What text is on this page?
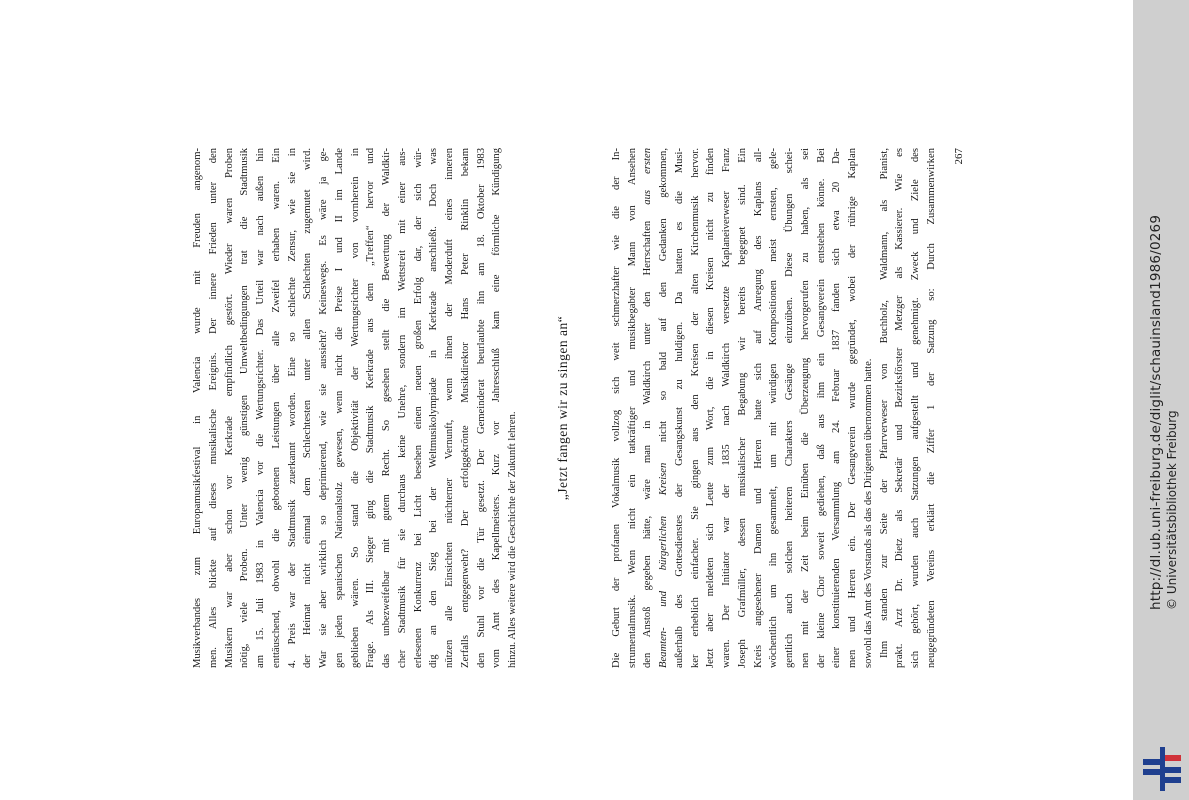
Musikverbandes zum Europamusikfestival in Valencia wurde mit Freuden angenom- men. Alles blickte auf dieses musikalische Ereignis. Der innere Frieden unter den Musikern war aber schon vor Kerkrade empfindlich gestört. Wieder waren Proben nötig, viele Proben. Unter wenig günstigen Umweltbedingungen trat die Stadtmusik am 15. Juli 1983 in Valencia vor die Wertungsrichter. Das Urteil war nach außen hin enttäuschend, obwohl die gebotenen Leistungen über alle Zweifel erhaben waren. Ein 4. Preis war der Stadtmusik zuerkannt worden. Eine so schlechte Zensur, wie sie in der Heimat nicht einmal dem Schlechtesten unter allen Schlechten zugemutet wird. War sie aber wirklich so deprimierend, wie sie aussieht? Keineswegs. Es wäre ja ge- gen jeden spanischen Nationalstolz gewesen, wenn nicht die Preise I und II im Lande geblieben wären. So stand die Objektivität der Wertungsrichter von vornherein in Frage. Als III. Sieger ging die Stadtmusik Kerkrade aus dem „Treffen“ hervor und das unbezweifelbar mit gutem Recht. So gesehen stellt die Bewertung der Waldkir- cher Stadtmusik für sie durchaus keine Unehre, sondern im Wettstreit mit einer aus- erlesenen Konkurrenz bei Licht besehen einen neuen großen Erfolg dar, der sich wür- dig an den Sieg bei der Weltmusikolympiade in Kerkrade anschließt. Doch was nützen alle Einsichten nüchterner Vernunft, wenn ihnen der Moderduft eines inneren Zerfalls entgegenweht? Der erfolggekrönte Musikdirektor Hans Peter Rinklin bekam den Stuhl vor die Tür gesetzt. Der Gemeinderat beurlaubte ihn am 18. Oktober 1983 vom Amt des Kapellmeisters. Kurz vor Jahresschluß kam eine förmliche Kündigung hinzu. Alles weitere wird die Geschichte der Zukunft lehren.
„Jetzt fangen wir zu singen an“	Die Geburt der profanen Vokalmusik vollzog sich weit schmerzhafter wie die der In- strumentalmusik. Wenn nicht ein tatkräftiger und musikbegabter Mann von Ansehen den Anstoß gegeben hätte, wäre man in Waldkirch unter den Herrschaften aus ersten
Beamten- und bürgerlichen Kreisen nicht so bald auf den Gedanken gekommen, außerhalb des Gottesdienstes der Gesangskunst zu huldigen. Da hatten es die Musi- ker erheblich einfacher. Sie gingen aus den Kreisen der alten Kirchenmusik hervor. Jetzt aber meldeten sich Leute zum Wort, die in diesen Kreisen nicht zu finden waren. Der Initiator war der 1835 nach Waldkirch versetzte Kaplaneiverweser Franz Joseph Grafmüller, dessen musikalischer Begabung wir bereits begegnet sind. Ein Kreis angesehener Damen und Herren hatte sich auf Anregung des Kaplans all- wöchentlich um ihn gesammelt, um mit würdigen Kompositionen meist ernsten, gele- gentlich auch solchen heiteren Charakters Gesänge einzuüben. Diese Übungen schei- nen mit der Zeit beim Einüben die Überzeugung hervorgerufen zu haben, als sei der kleine Chor soweit gediehen, daß aus ihm ein Gesangverein entstehen könne. Bei einer konstituierenden Versammlung am 24. Februar 1837 fanden sich etwa 20 Da- men und Herren ein. Der Gesangverein wurde gegründet, wobei der rührige Kaplan sowohl das Amt des Vorstands als das des Dirigenten übernommen hatte. Ihm standen zur Seite der Pfarrverweser von Buchholz, Waldmann, als Pianist, prakt. Arzt Dr. Dietz als Sekretär und Bezirksförster Metzger als Kassierer. Wie es sich gehört, wurden auch Satzungen aufgestellt und genehmigt. Zweck und Ziele des neugegründeten Vereins erklärt die Ziffer 1 der Satzung so: Durch Zusammenwirken	267
http://dl.ub.uni-freiburg.de/diglit/schauinsland1986/0269 © Universitätsbibliothek Freiburg
